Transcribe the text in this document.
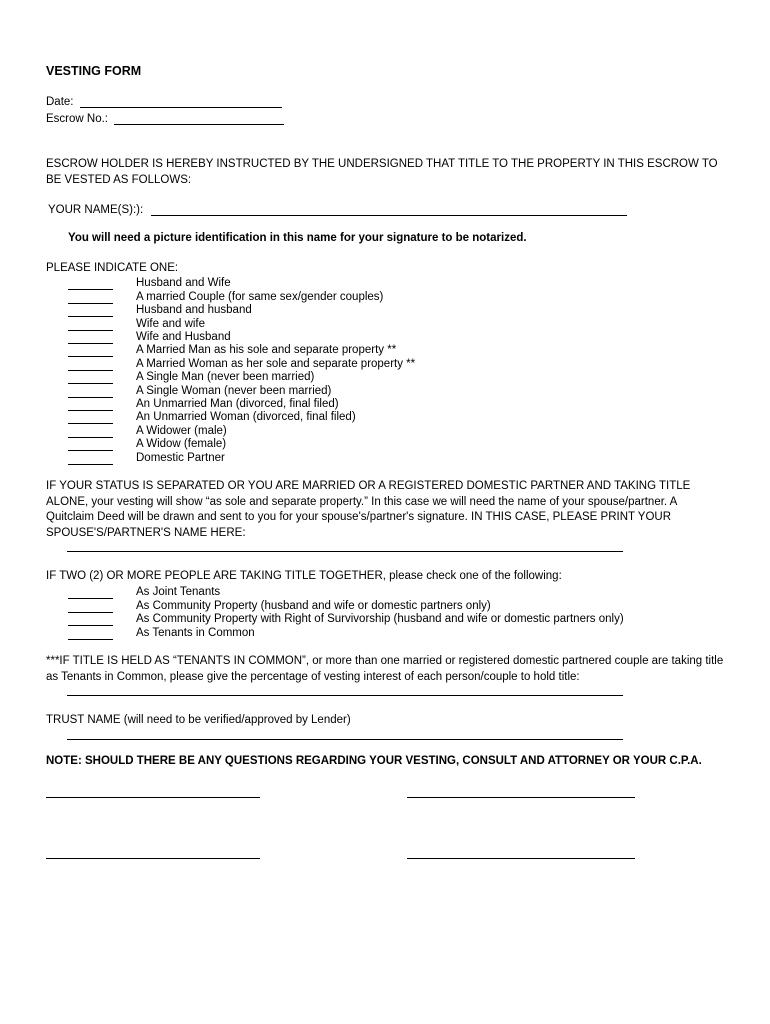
VESTING FORM
Date:
Escrow No.:
ESCROW HOLDER IS HEREBY INSTRUCTED BY THE UNDERSIGNED THAT TITLE TO THE PROPERTY IN THIS ESCROW TO BE VESTED AS FOLLOWS:
YOUR NAME(S):):
You will need a picture identification in this name for your signature to be notarized.
PLEASE INDICATE ONE:
Husband and Wife
A married Couple (for same sex/gender couples)
Husband and husband
Wife and wife
Wife and Husband
A Married Man as his sole and separate property **
A Married Woman as her sole and separate property **
A Single Man (never been married)
A Single Woman (never been married)
An Unmarried Man (divorced, final filed)
An Unmarried Woman (divorced, final filed)
A Widower (male)
A Widow (female)
Domestic Partner
IF YOUR STATUS IS SEPARATED OR YOU ARE MARRIED OR A REGISTERED DOMESTIC PARTNER AND TAKING TITLE ALONE, your vesting will show “as sole and separate property.” In this case we will need the name of your spouse/partner. A Quitclaim Deed will be drawn and sent to you for your spouse's/partner's signature. IN THIS CASE, PLEASE PRINT YOUR SPOUSE'S/PARTNER'S NAME HERE:
IF TWO (2) OR MORE PEOPLE ARE TAKING TITLE TOGETHER, please check one of the following:
As Joint Tenants
As Community Property (husband and wife or domestic partners only)
As Community Property with Right of Survivorship (husband and wife or domestic partners only)
As Tenants in Common
***IF TITLE IS HELD AS “TENANTS IN COMMON”, or more than one married or registered domestic partnered couple are taking title as Tenants in Common, please give the percentage of vesting interest of each person/couple to hold title:
TRUST NAME (will need to be verified/approved by Lender)
NOTE: SHOULD THERE BE ANY QUESTIONS REGARDING YOUR VESTING, CONSULT AND ATTORNEY OR YOUR C.P.A.
